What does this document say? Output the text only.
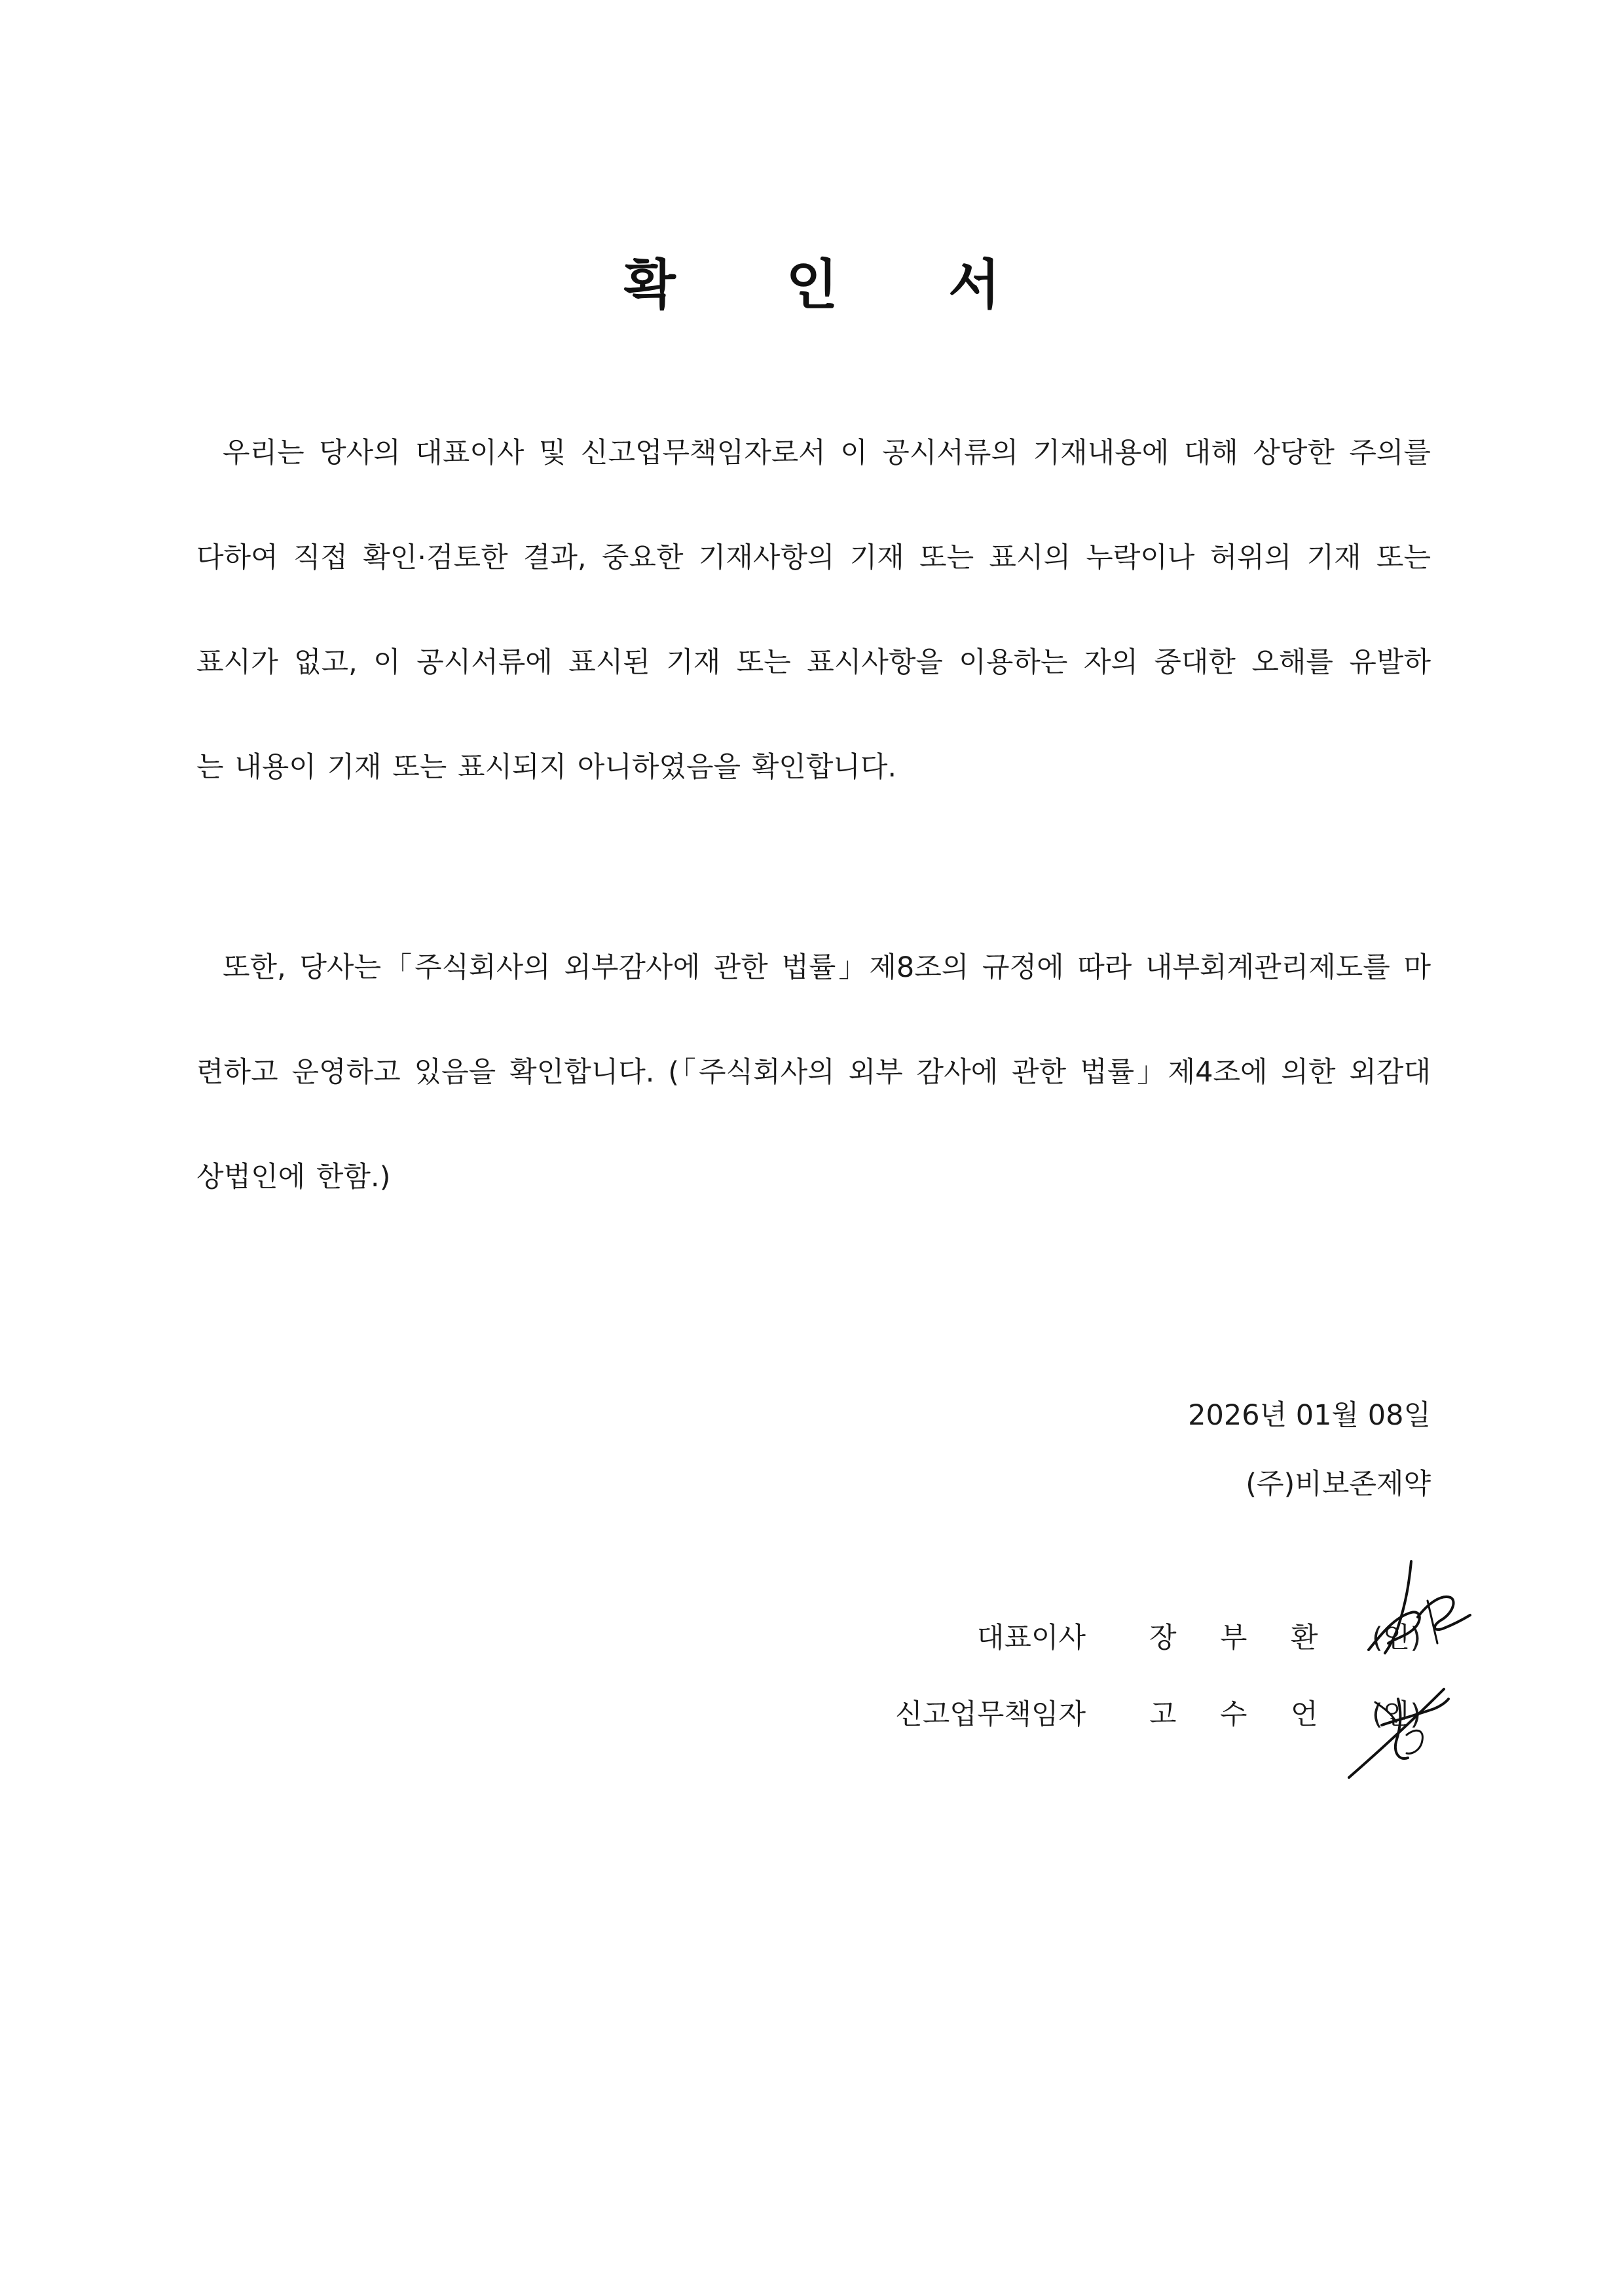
확 인 서
우리는 당사의 대표이사 및 신고업무책임자로서 이 공시서류의 기재내용에 대해 상당한 주의를
다하여 직접 확인·검토한 결과, 중요한 기재사항의 기재 또는 표시의 누락이나 허위의 기재 또는
표시가 없고, 이 공시서류에 표시된 기재 또는 표시사항을 이용하는 자의 중대한 오해를 유발하
는 내용이 기재 또는 표시되지 아니하였음을 확인합니다.
또한, 당사는「주식회사의 외부감사에 관한 법률」제8조의 규정에 따라 내부회계관리제도를 마
련하고 운영하고 있음을 확인합니다. (「주식회사의 외부 감사에 관한 법률」제4조에 의한 외감대
상법인에 한함.)
2026년 01월 08일
(주)비보존제약
대표이사 장 부 환 (인)
신고업무책임자 고 수 언 (인)
